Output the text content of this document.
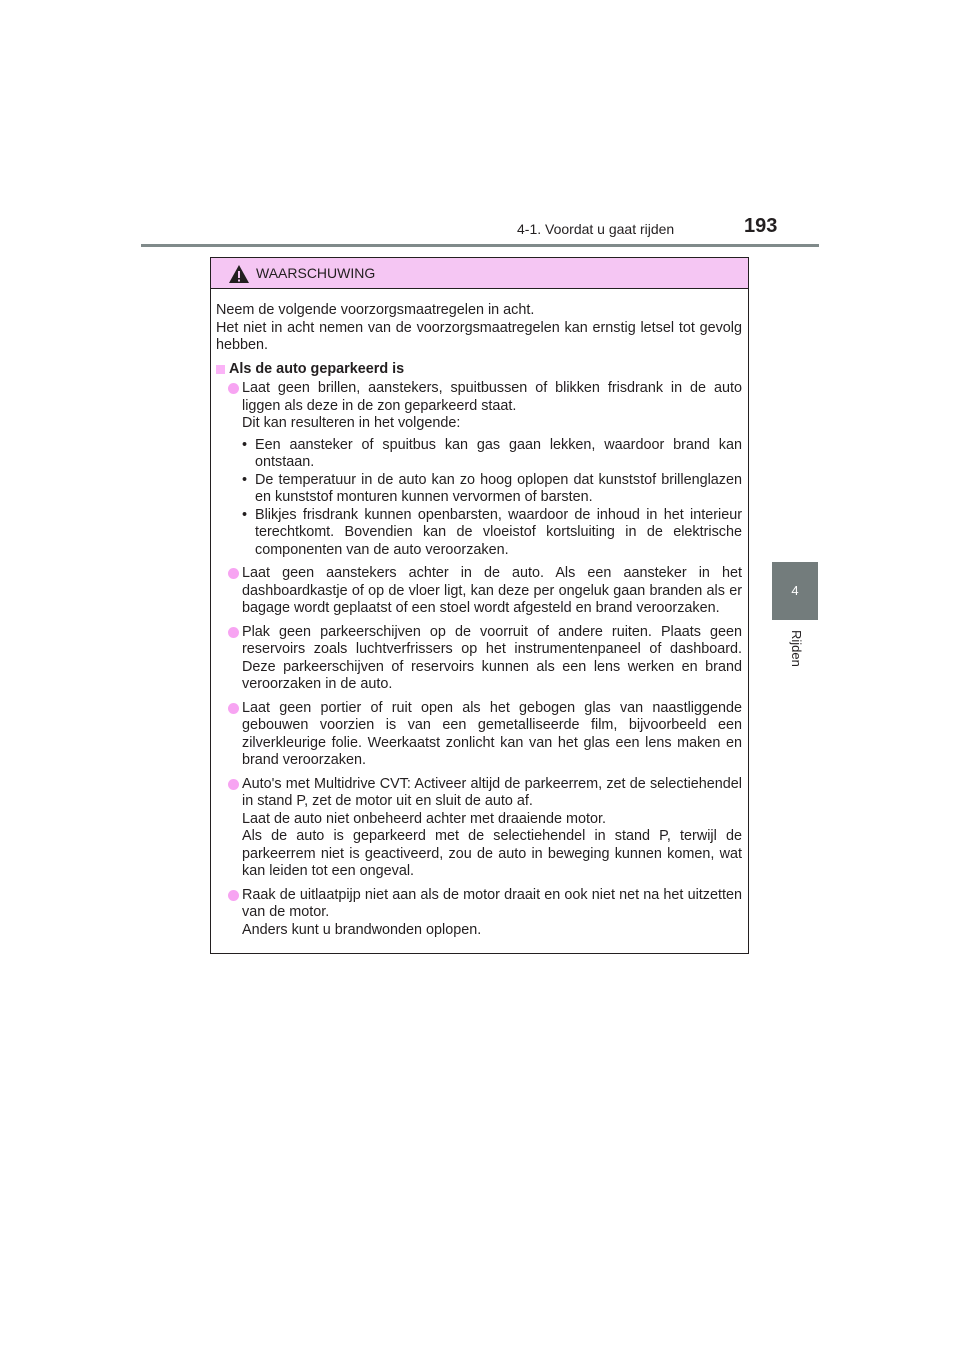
4-1. Voordat u gaat rijden	193
4
Rijden
WAARSCHUWING

Neem de volgende voorzorgsmaatregelen in acht.

Het niet in acht nemen van de voorzorgsmaatregelen kan ernstig letsel tot gevolg hebben.

Als de auto geparkeerd is

Laat geen brillen, aanstekers, spuitbussen of blikken frisdrank in de auto liggen als deze in de zon geparkeerd staat.

Dit kan resulteren in het volgende:

• Een aansteker of spuitbus kan gas gaan lekken, waardoor brand kan ontstaan.
• De temperatuur in de auto kan zo hoog oplopen dat kunststof brillenglazen en kunststof monturen kunnen vervormen of barsten.
• Blikjes frisdrank kunnen openbarsten, waardoor de inhoud in het interieur terechtkomt. Bovendien kan de vloeistof kortsluiting in de elektrische componenten van de auto veroorzaken.

Laat geen aanstekers achter in de auto. Als een aansteker in het dashboardkastje of op de vloer ligt, kan deze per ongeluk gaan branden als er bagage wordt geplaatst of een stoel wordt afgesteld en brand veroorzaken.

Plak geen parkeerschijven op de voorruit of andere ruiten. Plaats geen reservoirs zoals luchtverfrissers op het instrumentenpaneel of dashboard. Deze parkeerschijven of reservoirs kunnen als een lens werken en brand veroorzaken in de auto.

Laat geen portier of ruit open als het gebogen glas van naastliggende gebouwen voorzien is van een gemetalliseerde film, bijvoorbeeld een zilverkleurige folie. Weerkaatst zonlicht kan van het glas een lens maken en brand veroorzaken.

Auto's met Multidrive CVT: Activeer altijd de parkeerrem, zet de selectiehendel in stand P, zet de motor uit en sluit de auto af.

Laat de auto niet onbeheerd achter met draaiende motor.

Als de auto is geparkeerd met de selectiehendel in stand P, terwijl de parkeerrem niet is geactiveerd, zou de auto in beweging kunnen komen, wat kan leiden tot een ongeval.

Raak de uitlaatpijp niet aan als de motor draait en ook niet net na het uitzetten van de motor.

Anders kunt u brandwonden oplopen.
